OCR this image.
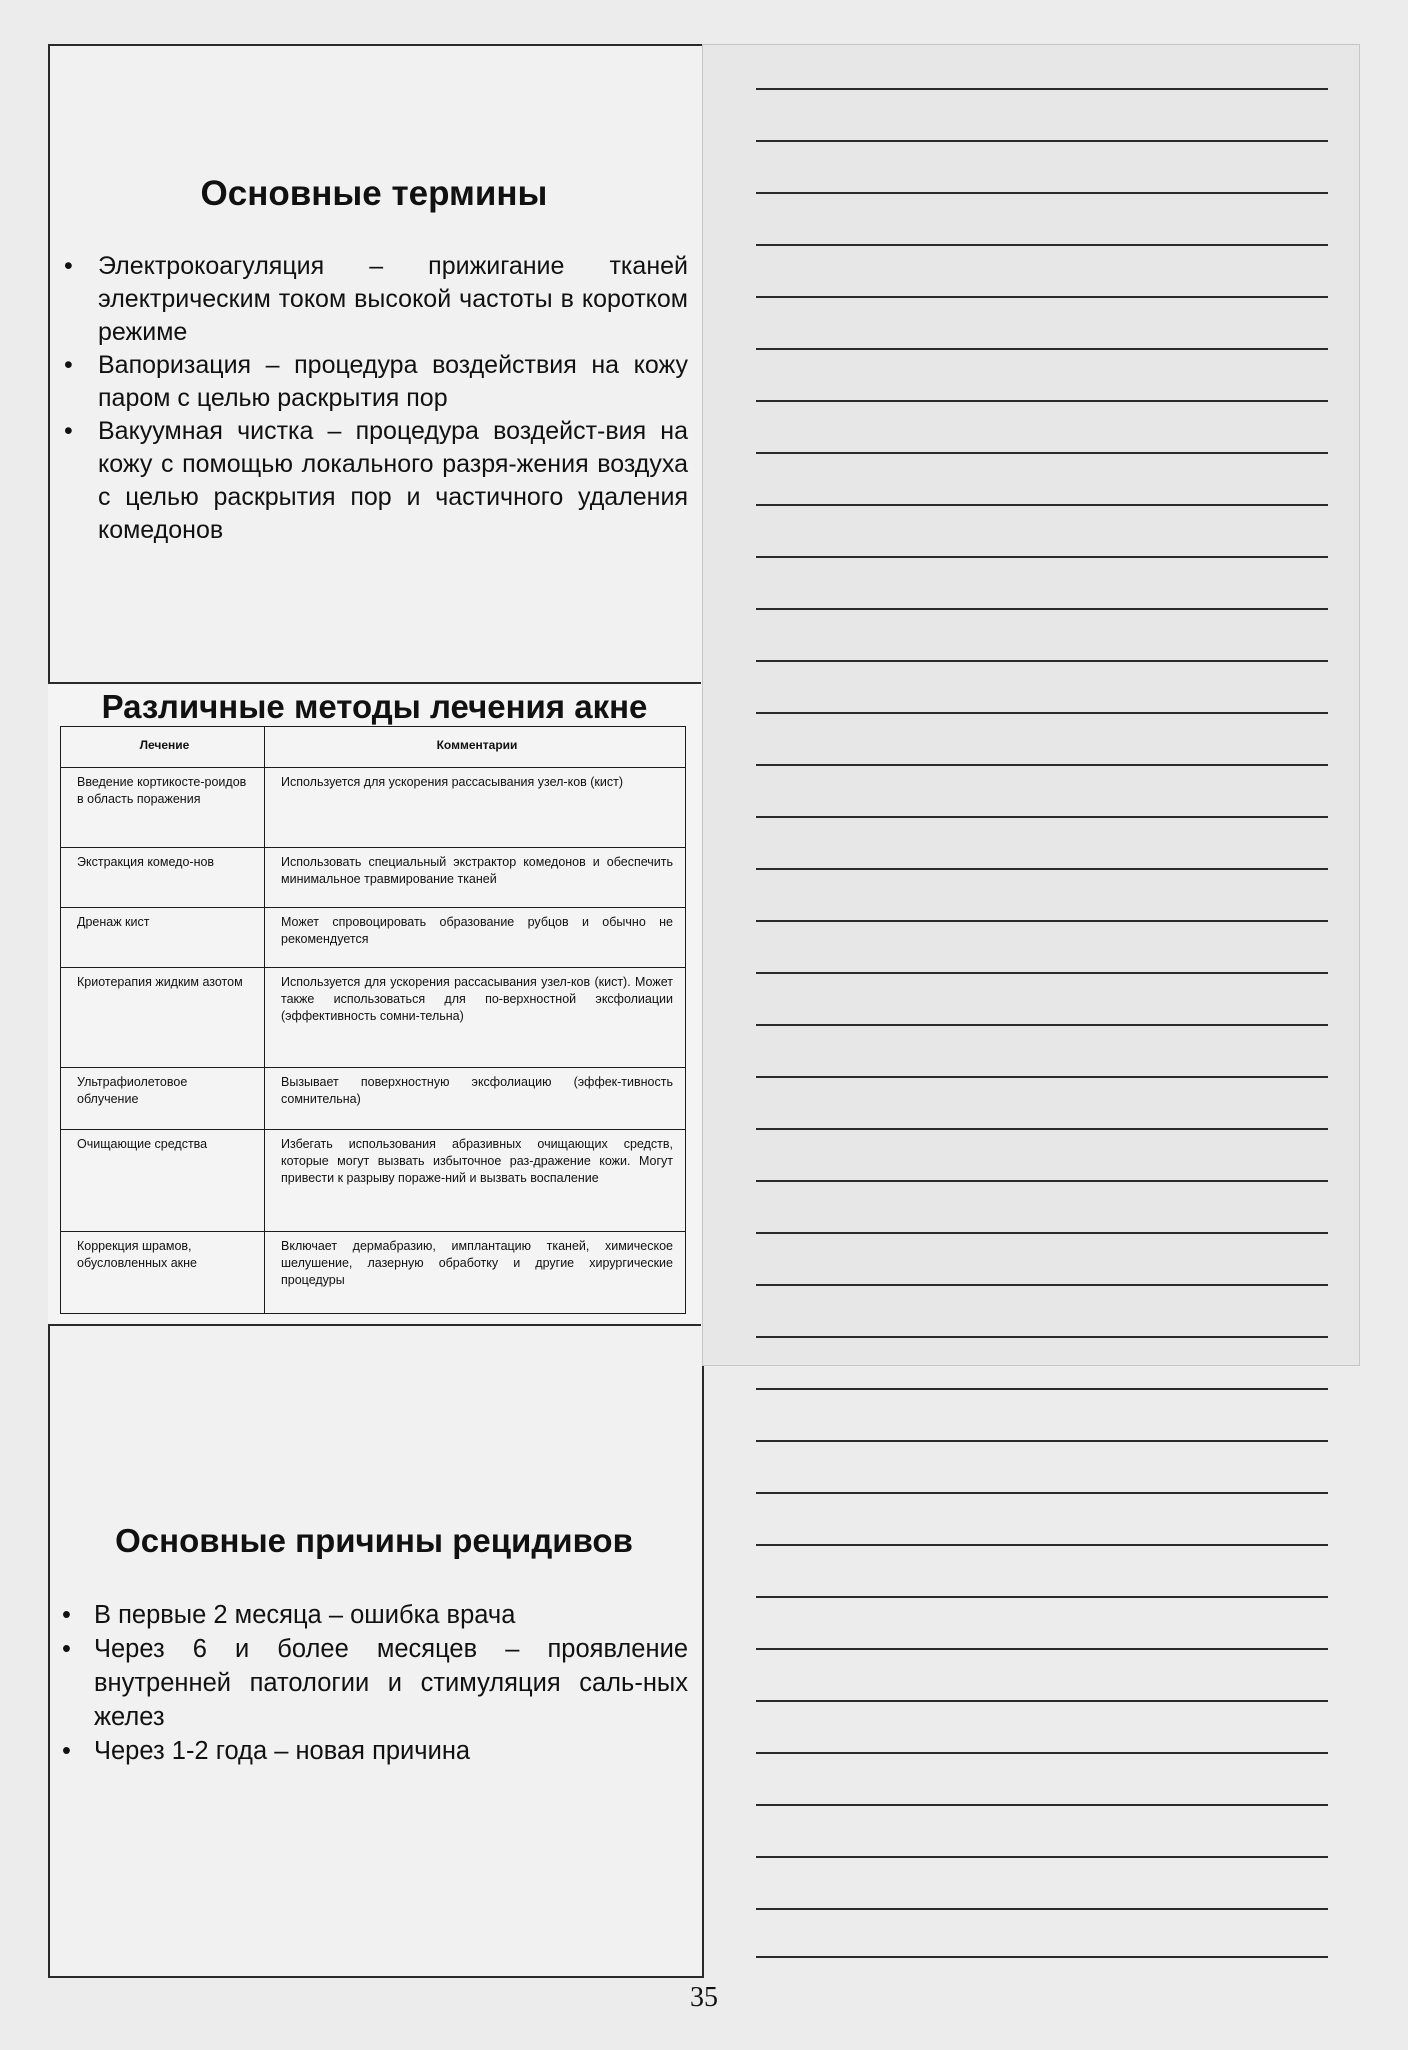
Основные термины
• Электрокоагуляция – прижигание тканей электрическим током высокой частоты в коротком режиме
• Вапоризация – процедура воздействия на кожу паром с целью раскрытия пор
• Вакуумная чистка – процедура воздейст-вия на кожу с помощью локального разря-жения воздуха с целью раскрытия пор и частичного удаления комедонов
Различные методы лечения акне
Лечение	Комментарии
Введение кортикосте-роидов в область поражения	Используется для ускорения рассасывания узел-ков (кист)
Экстракция комедо-нов	Использовать специальный экстрактор комедонов и обеспечить минимальное травмирование тканей
Дренаж кист	Может спровоцировать образование рубцов и обычно не рекомендуется
Криотерапия жидким азотом	Используется для ускорения рассасывания узел-ков (кист). Может также использоваться для по-верхностной эксфолиации (эффективность сомни-тельна)
Ультрафиолетовое облучение	Вызывает поверхностную эксфолиацию (эффек-тивность сомнительна)
Очищающие средства	Избегать использования абразивных очищающих средств, которые могут вызвать избыточное раз-дражение кожи. Могут привести к разрыву пораже-ний и вызвать воспаление
Коррекция шрамов, обусловленных акне	Включает дермабразию, имплантацию тканей, химическое шелушение, лазерную обработку и другие хирургические процедуры
Основные причины рецидивов
• В первые 2 месяца – ошибка врача
• Через 6 и более месяцев – проявление внутренней патологии и стимуляция саль-ных желез
• Через 1-2 года – новая причина
35
